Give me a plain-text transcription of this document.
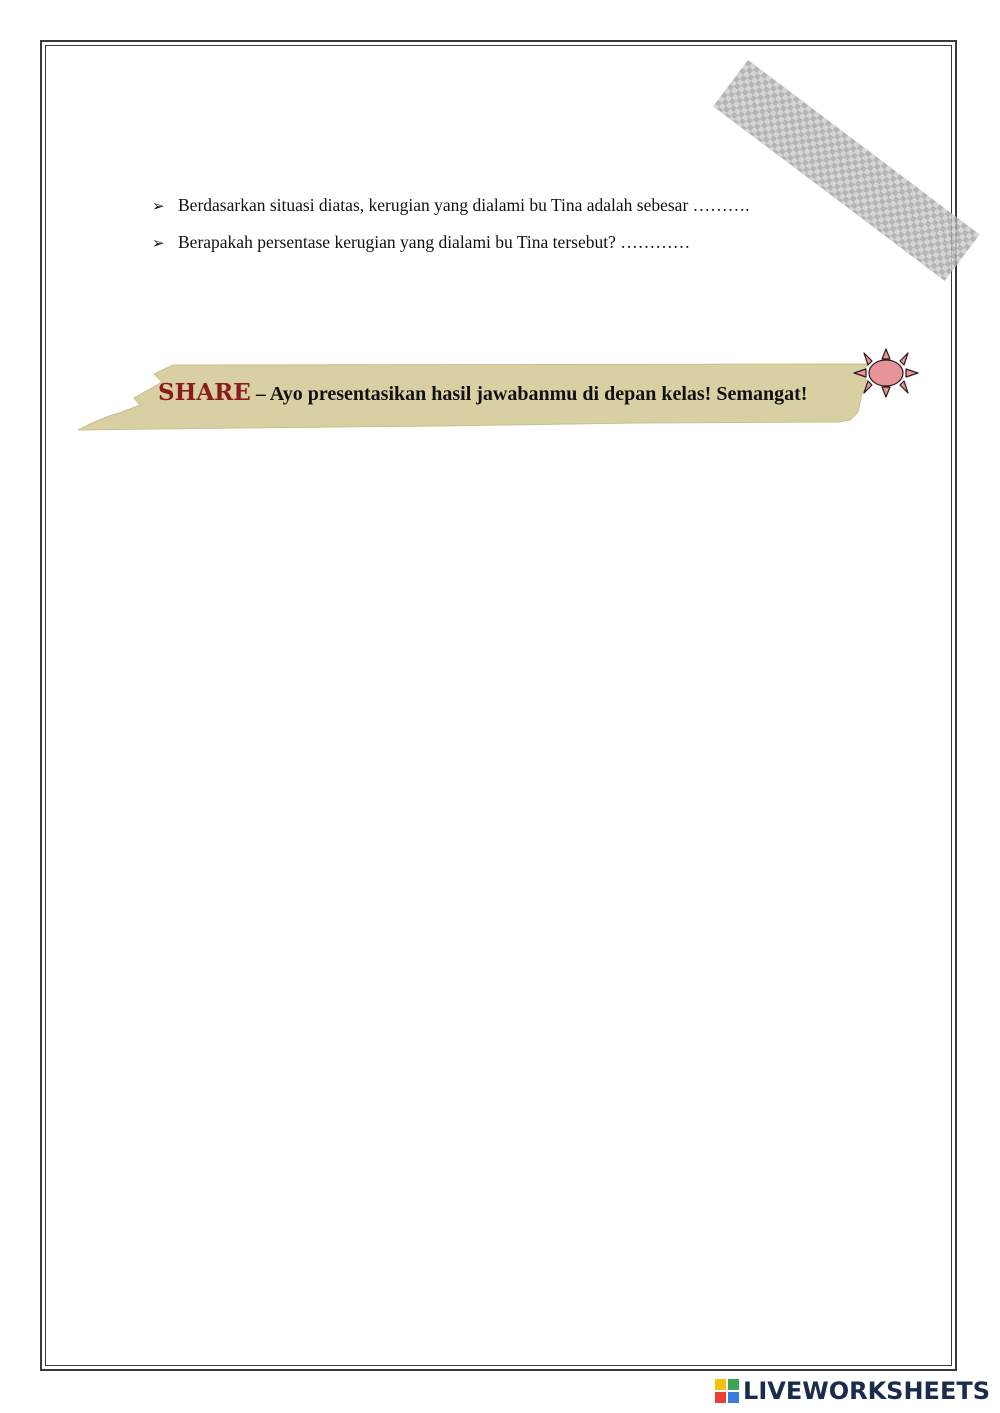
➢ Berdasarkan situasi diatas, kerugian yang dialami bu Tina adalah sebesar ……….
➢ Berapakah persentase kerugian yang dialami bu Tina tersebut? …………
SHARE – Ayo presentasikan hasil jawabanmu di depan kelas! Semangat!
LIVEWORKSHEETS
